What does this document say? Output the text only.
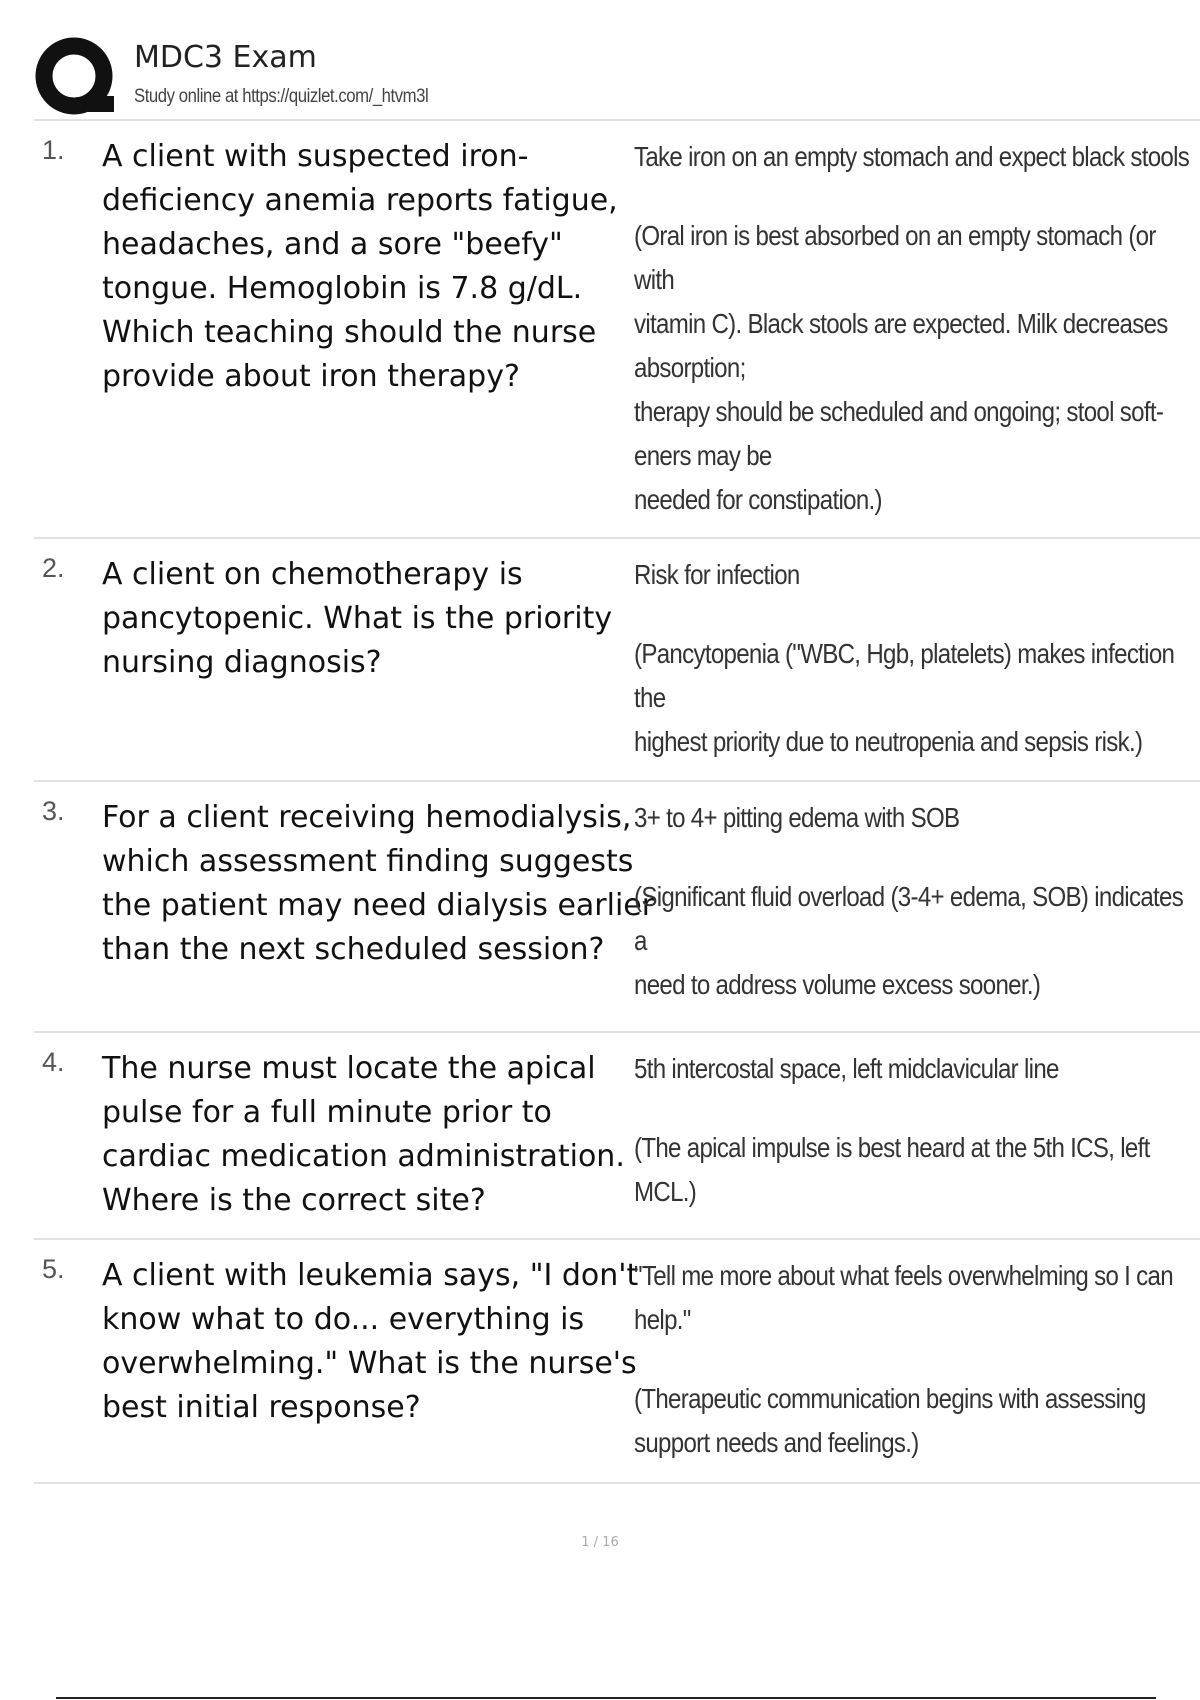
MDC3 Exam
Study online at https://quizlet.com/_htvm3l
1. A client with suspected iron-deficiency anemia reports fatigue, headaches, and a sore "beefy" tongue. Hemoglobin is 7.8 g/dL. Which teaching should the nurse provide about iron therapy?
Take iron on an empty stomach and expect black stools
(Oral iron is best absorbed on an empty stomach (or
with
vitamin C). Black stools are expected. Milk decreases
absorption;
therapy should be scheduled and ongoing; stool soft-
eners may be
needed for constipation.)
2. A client on chemotherapy is pancytopenic. What is the priority nursing diagnosis?
Risk for infection
(Pancytopenia ("WBC, Hgb, platelets) makes infection
the
highest priority due to neutropenia and sepsis risk.)
3. For a client receiving hemodialysis, which assessment finding suggests the patient may need dialysis earlier than the next scheduled session?
3+ to 4+ pitting edema with SOB
(Significant fluid overload (3-4+ edema, SOB) indicates
a
need to address volume excess sooner.)
4. The nurse must locate the apical pulse for a full minute prior to cardiac medication administration. Where is the correct site?
5th intercostal space, left midclavicular line
(The apical impulse is best heard at the 5th ICS, left
MCL.)
5. A client with leukemia says, "I don't know what to do... everything is overwhelming." What is the nurse's best initial response?
"Tell me more about what feels overwhelming so I can
help."
(Therapeutic communication begins with assessing
support needs and feelings.)
1 / 16
